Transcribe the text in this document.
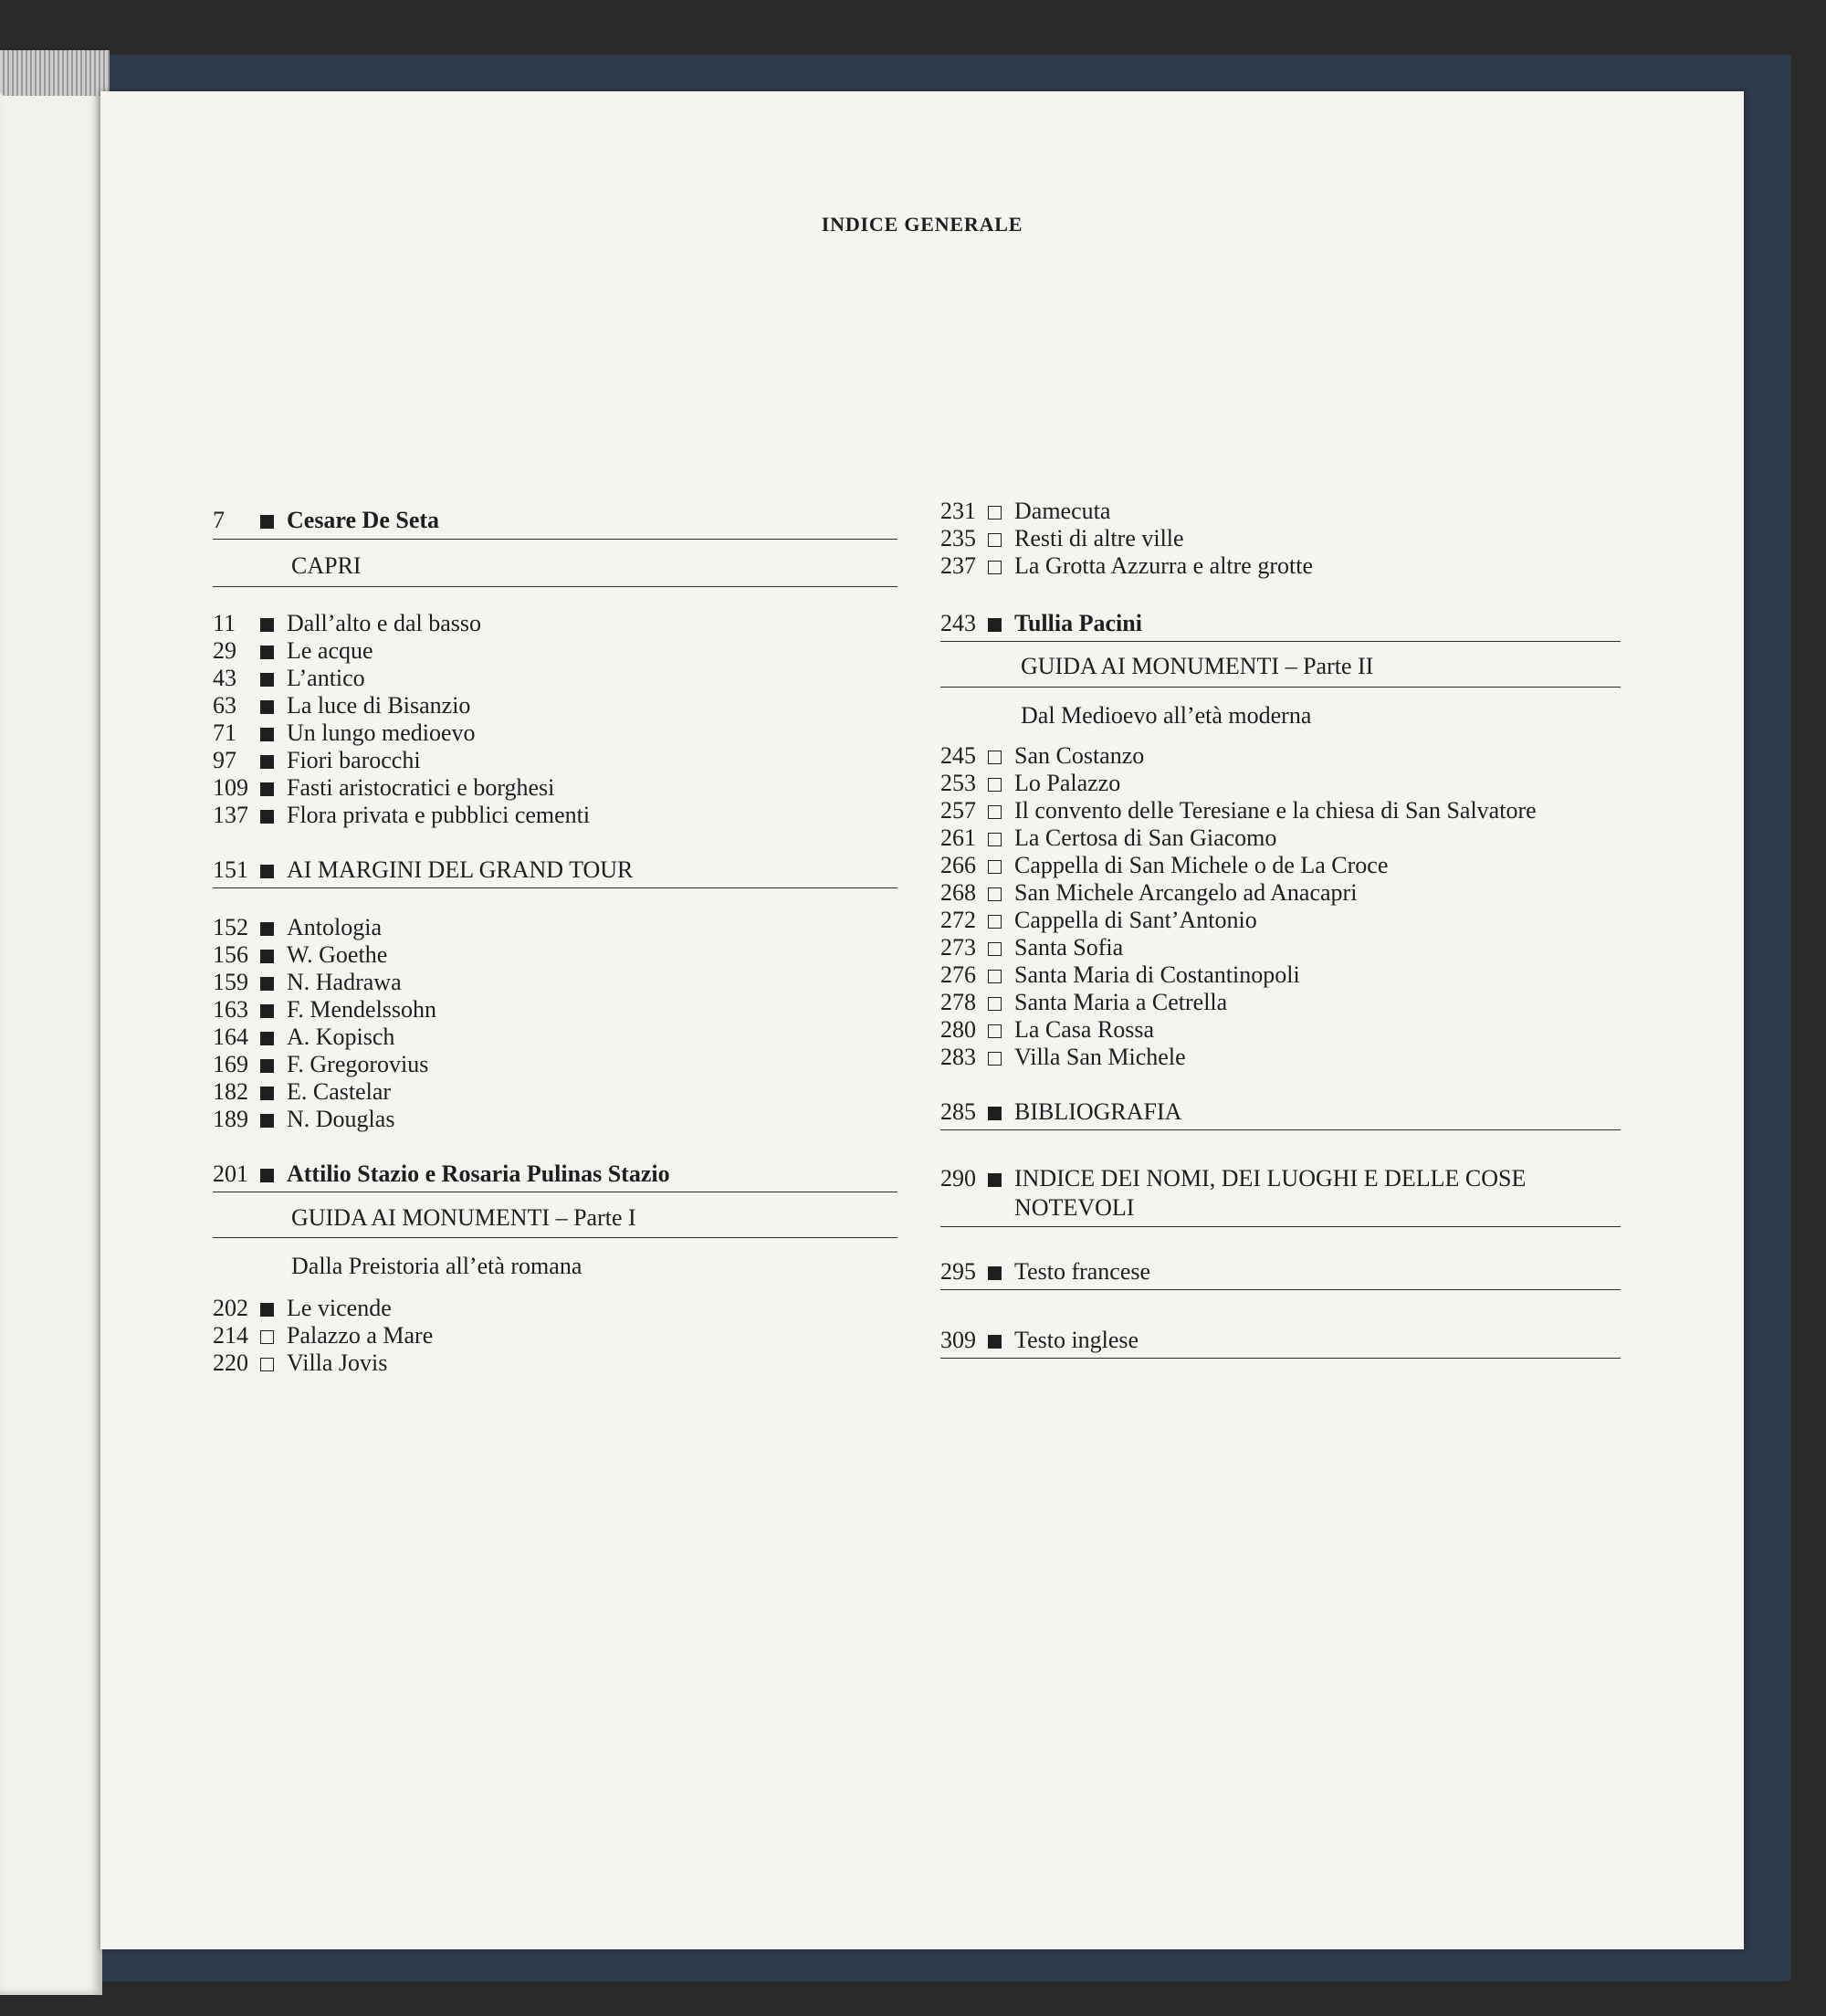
INDICE GENERALE
7	Cesare De Seta
CAPRI
11	Dall’alto e dal basso
29	Le acque
43	L’antico
63	La luce di Bisanzio
71	Un lungo medioevo
97	Fiori barocchi
109	Fasti aristocratici e borghesi
137	Flora privata e pubblici cementi
151	AI MARGINI DEL GRAND TOUR
152	Antologia
156	W. Goethe
159	N. Hadrawa
163	F. Mendelssohn
164	A. Kopisch
169	F. Gregorovius
182	E. Castelar
189	N. Douglas
201	Attilio Stazio e Rosaria Pulinas Stazio
GUIDA AI MONUMENTI – Parte I
Dalla Preistoria all’età romana
202	Le vicende
214	Palazzo a Mare
220	Villa Jovis
231	Damecuta
235	Resti di altre ville
237	La Grotta Azzurra e altre grotte
243	Tullia Pacini
GUIDA AI MONUMENTI – Parte II
Dal Medioevo all’età moderna
245	San Costanzo
253	Lo Palazzo
257	Il convento delle Teresiane e la chiesa di San Salvatore
261	La Certosa di San Giacomo
266	Cappella di San Michele o de La Croce
268	San Michele Arcangelo ad Anacapri
272	Cappella di Sant’Antonio
273	Santa Sofia
276	Santa Maria di Costantinopoli
278	Santa Maria a Cetrella
280	La Casa Rossa
283	Villa San Michele
285	BIBLIOGRAFIA
290	INDICE DEI NOMI, DEI LUOGHI E DELLE COSE NOTEVOLI
295	Testo francese
309	Testo inglese
